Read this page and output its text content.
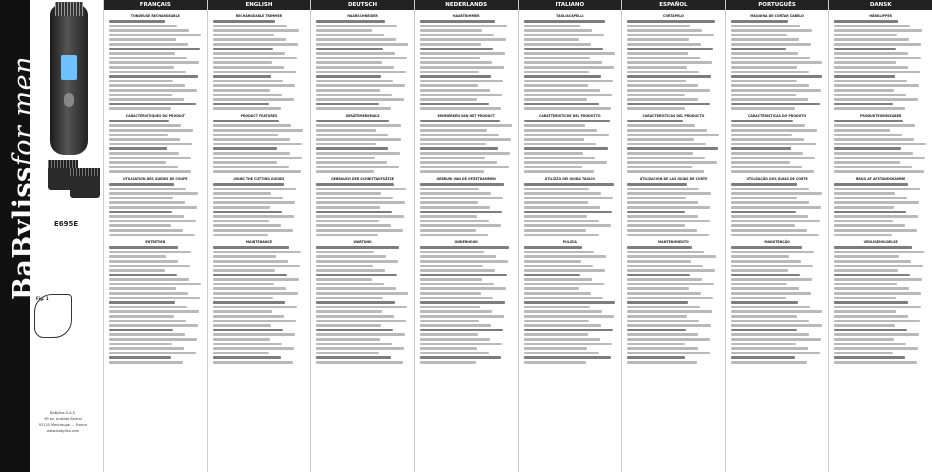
BaBylissfor men
E695E
Fig. 1
BaByliss S.A.S.
99 av. Aristide Briand
92120 Montrouge — France
www.babyliss.com
FRANÇAIS
TONDEUSE RECHARGEABLE
CARACTÉRISTIQUES DU PRODUIT
UTILISATION DES GUIDES DE COUPE
ENTRETIEN
ENGLISH
RECHARGEABLE TRIMMER
PRODUCT FEATURES
USING THE CUTTING GUIDES
MAINTENANCE
DEUTSCH
HAARSCHNEIDER
GERÄTEMERKMALE
GEBRAUCH DER SCHNITTAUFSÄTZE
WARTUNG
NEDERLANDS
HAARTRIMMER
KENMERKEN VAN HET PRODUCT
GEBRUIK VAN DE OPZETKAMMEN
ONDERHOUD
ITALIANO
TAGLIACAPELLI
CARATTERISTICHE DEL PRODOTTO
UTILIZZO DEI GUIDA TAGLIO
PULIZIA
ESPAÑOL
CORTAPELO
CARACTERÍSTICAS DEL PRODUCTO
UTILIZACIÓN DE LAS GUÍAS DE CORTE
MANTENIMIENTO
PORTUGUÊS
MÁQUINA DE CORTAR CABELO
CARACTERÍSTICAS DO PRODUTO
UTILIZAÇÃO DOS GUIAS DE CORTE
MANUTENÇÃO
DANSK
HÅRKLIPPER
PRODUKTEGENSKABER
BRUG AF AFSTANDSKAMME
VEDLIGEHOLDELSE
